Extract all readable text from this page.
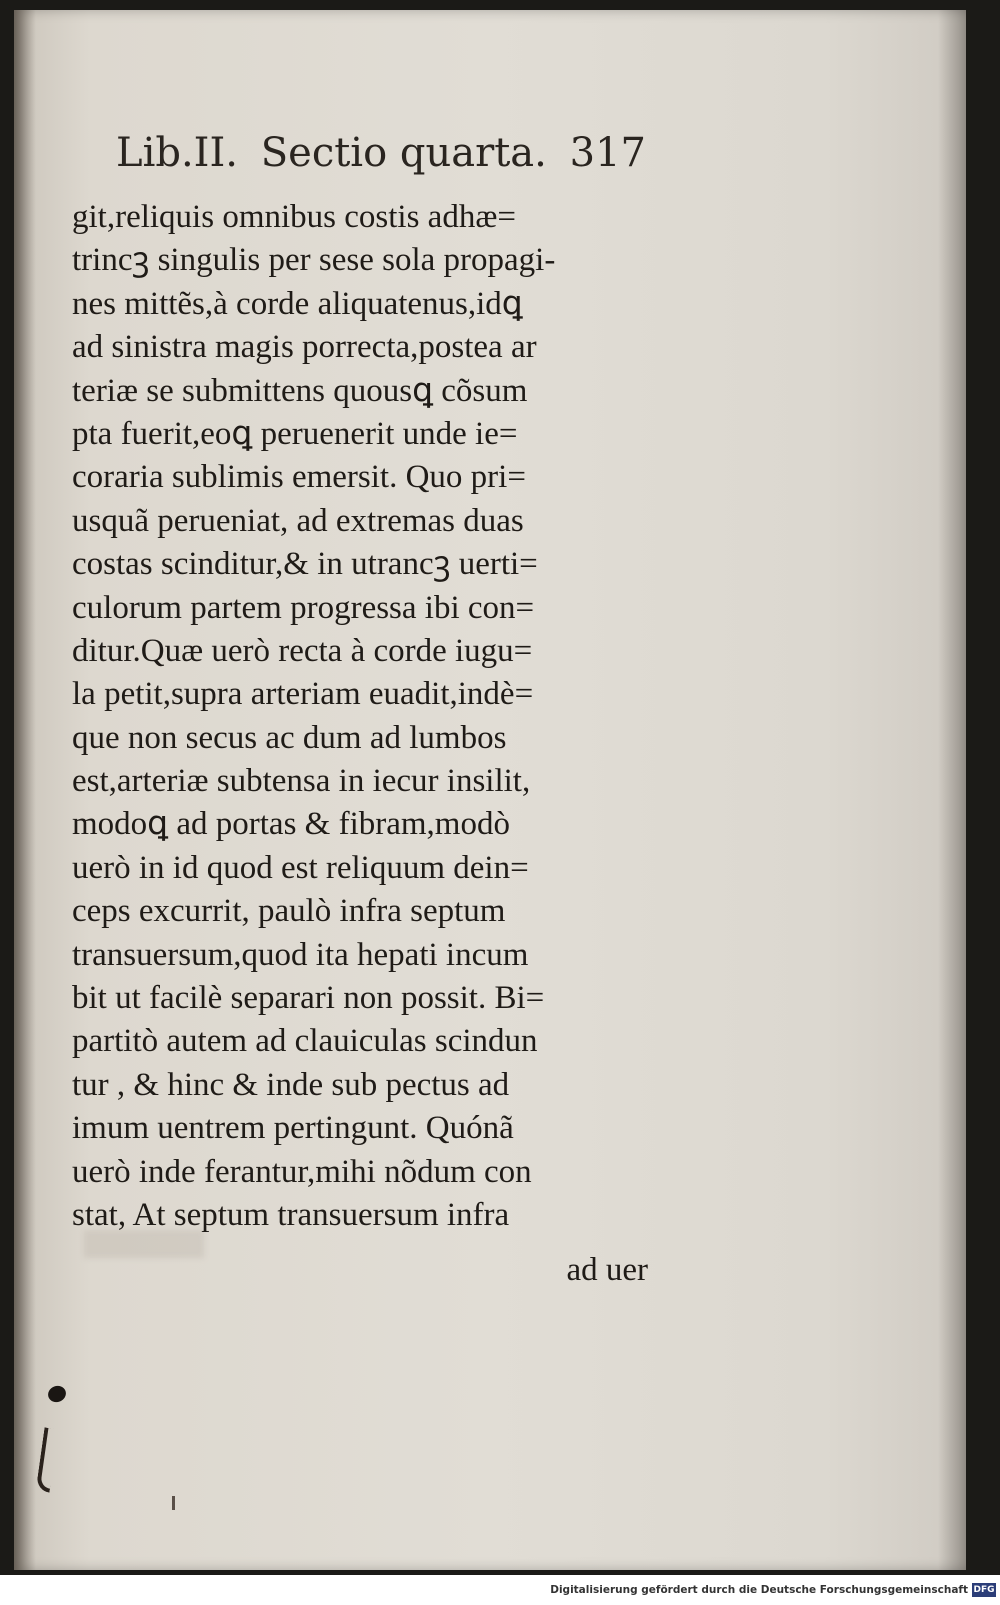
Lib.II. Sectio quarta. 317
git,reliquis omnibus costis adhæ=
trincꝫ singulis per sese sola propagi-
nes mittẽs,à corde aliquatenus,idꝗ
ad sinistra magis porrecta,postea ar
teriæ se submittens quousꝗ cõsum
pta fuerit,eoꝗ peruenerit unde ie=
coraria sublimis emersit. Quo pri=
usquã perueniat, ad extremas duas
costas scinditur,& in utrancꝫ uerti=
culorum partem progressa ibi con=
ditur.Quæ uerò recta à corde iugu=
la petit,supra arteriam euadit,indè=
que non secus ac dum ad lumbos
est,arteriæ subtensa in iecur insilit,
modoꝗ ad portas & fibram,modò
uerò in id quod est reliquum dein=
ceps excurrit, paulò infra septum
transuersum,quod ita hepati incum
bit ut facilè separari non possit. Bi=
partitò autem ad clauiculas scindun
tur , & hinc & inde sub pectus ad
imum uentrem pertingunt. Quónã
uerò inde ferantur,mihi nõdum con
stat, At septum transuersum infra
ad uer
Digitalisierung gefördert durch die Deutsche Forschungsgemeinschaft DFG
